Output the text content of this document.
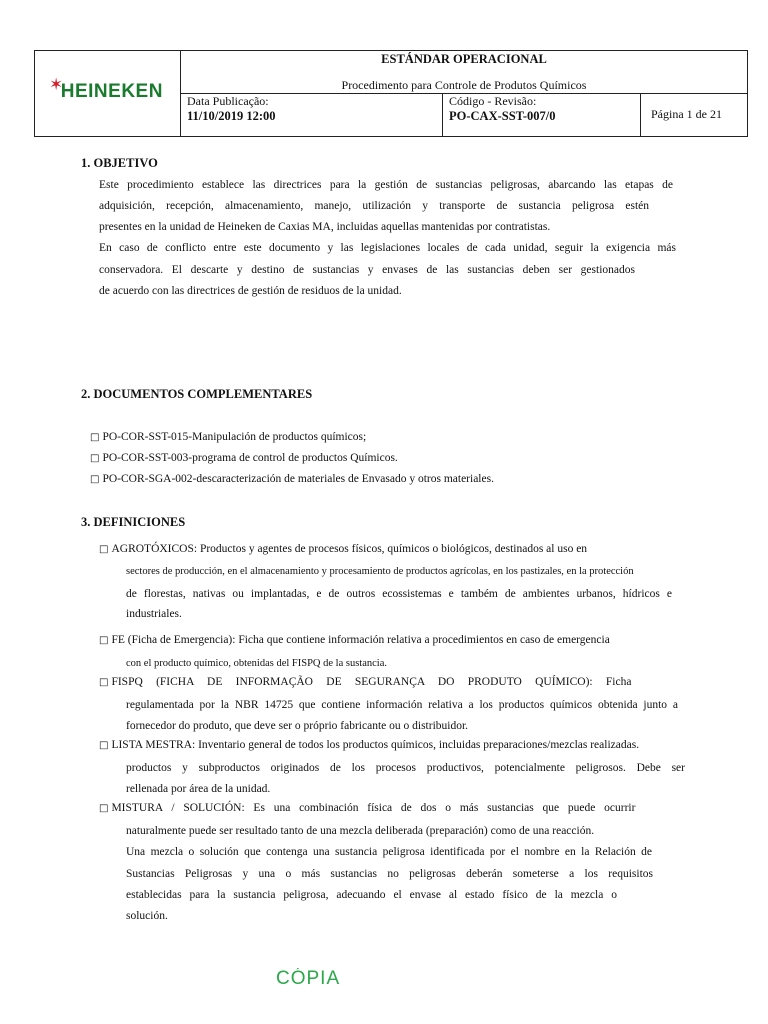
✶HEINEKEN
ESTÁNDAR OPERACIONAL
Procedimento para Controle de Produtos Químicos
Data Publicação:
11/10/2019 12:00
Código - Revisão:
PO-CAX-SST-007/0	Página 1 de 21
1. OBJETIVO
Este procedimiento establece las directrices para la gestión de sustancias peligrosas, abarcando las etapas de
adquisición, recepción, almacenamiento, manejo, utilización y transporte de sustancia peligrosa estén
presentes en la unidad de Heineken de Caxias MA, incluidas aquellas mantenidas por contratistas.
En caso de conflicto entre este documento y las legislaciones locales de cada unidad, seguir la exigencia más
conservadora. El descarte y destino de sustancias y envases de las sustancias deben ser gestionados
de acuerdo con las directrices de gestión de residuos de la unidad.
2. DOCUMENTOS COMPLEMENTARES
□ PO-COR-SST-015-Manipulación de productos químicos;
□ PO-COR-SST-003-programa de control de productos Químicos.
□ PO-COR-SGA-002-descaracterización de materiales de Envasado y otros materiales.
3. DEFINICIONES
□ AGROTÓXICOS: Productos y agentes de procesos físicos, químicos o biológicos, destinados al uso en
sectores de producción, en el almacenamiento y procesamiento de productos agrícolas, en los pastizales, en la protección
de florestas, nativas ou implantadas, e de outros ecossistemas e também de ambientes urbanos, hídricos e
industriales.
□ FE (Ficha de Emergencia): Ficha que contiene información relativa a procedimientos en caso de emergencia
con el producto químico, obtenidas del FISPQ de la sustancia.
□ FISPQ (FICHA DE INFORMAÇÃO DE SEGURANÇA DO PRODUTO QUÍMICO): Ficha
regulamentada por la NBR 14725 que contiene información relativa a los productos químicos obtenida junto a
fornecedor do produto, que deve ser o próprio fabricante ou o distribuidor.
□ LISTA MESTRA: Inventario general de todos los productos químicos, incluidas preparaciones/mezclas realizadas.
productos y subproductos originados de los procesos productivos, potencialmente peligrosos. Debe ser
rellenada por área de la unidad.
□ MISTURA / SOLUCIÓN: Es una combinación física de dos o más sustancias que puede ocurrir
naturalmente puede ser resultado tanto de una mezcla deliberada (preparación) como de una reacción.
Una mezcla o solución que contenga una sustancia peligrosa identificada por el nombre en la Relación de
Sustancias Peligrosas y una o más sustancias no peligrosas deberán someterse a los requisitos
establecidas para la sustancia peligrosa, adecuando el envase al estado físico de la mezcla o
solución.
CÓPIA
